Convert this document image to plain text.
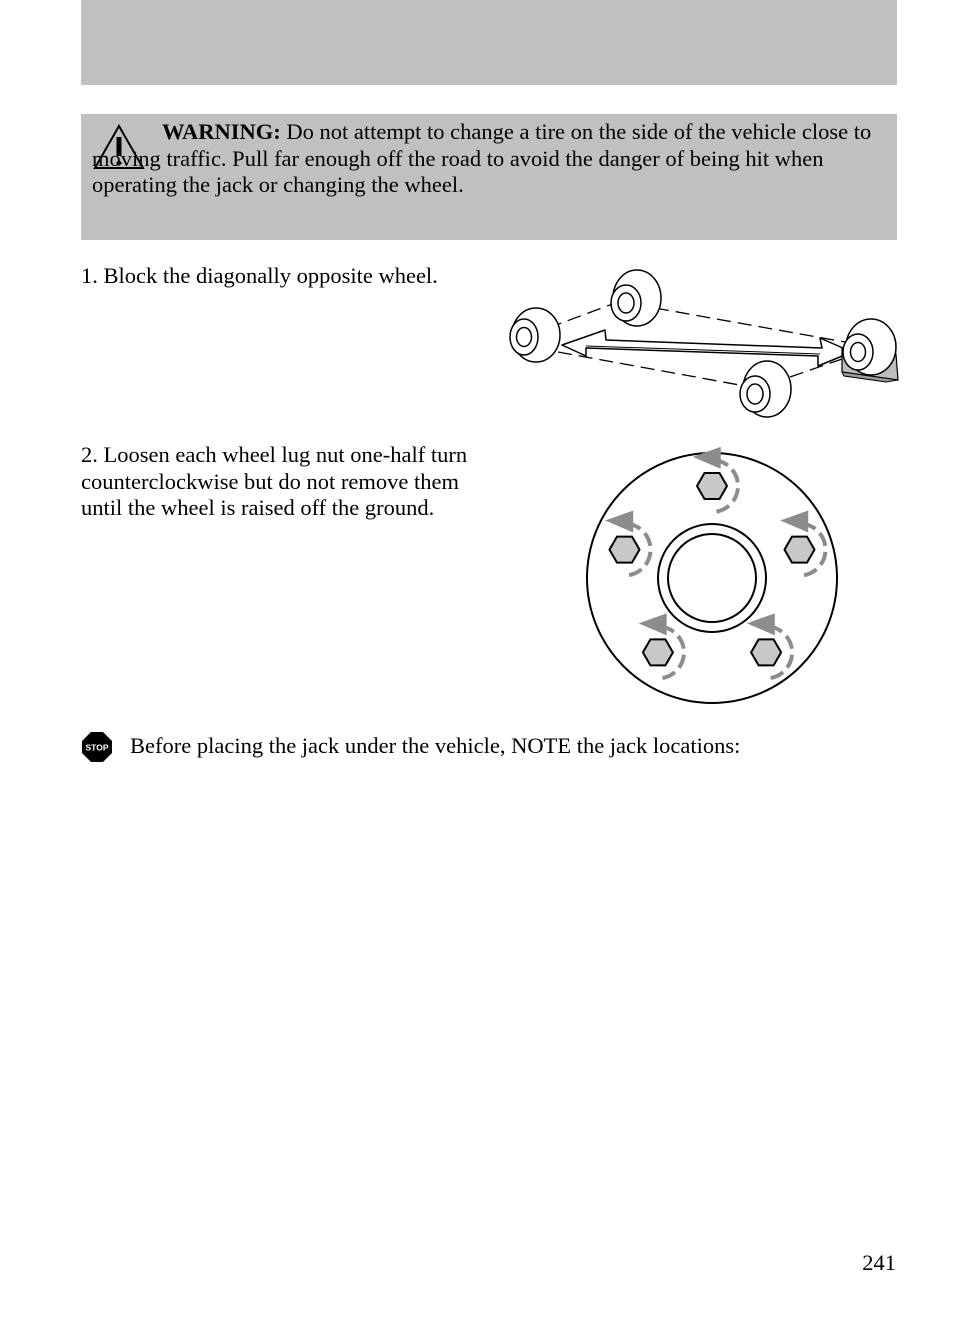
WARNING: Do not attempt to change a tire on the side of the vehicle close to moving traffic. Pull far enough off the road to avoid the danger of being hit when operating the jack or changing the wheel.

1. Block the diagonally opposite wheel.

2. Loosen each wheel lug nut one-half turn counterclockwise but do not remove them until the wheel is raised off the ground.

STOP Before placing the jack under the vehicle, NOTE the jack locations:

241
